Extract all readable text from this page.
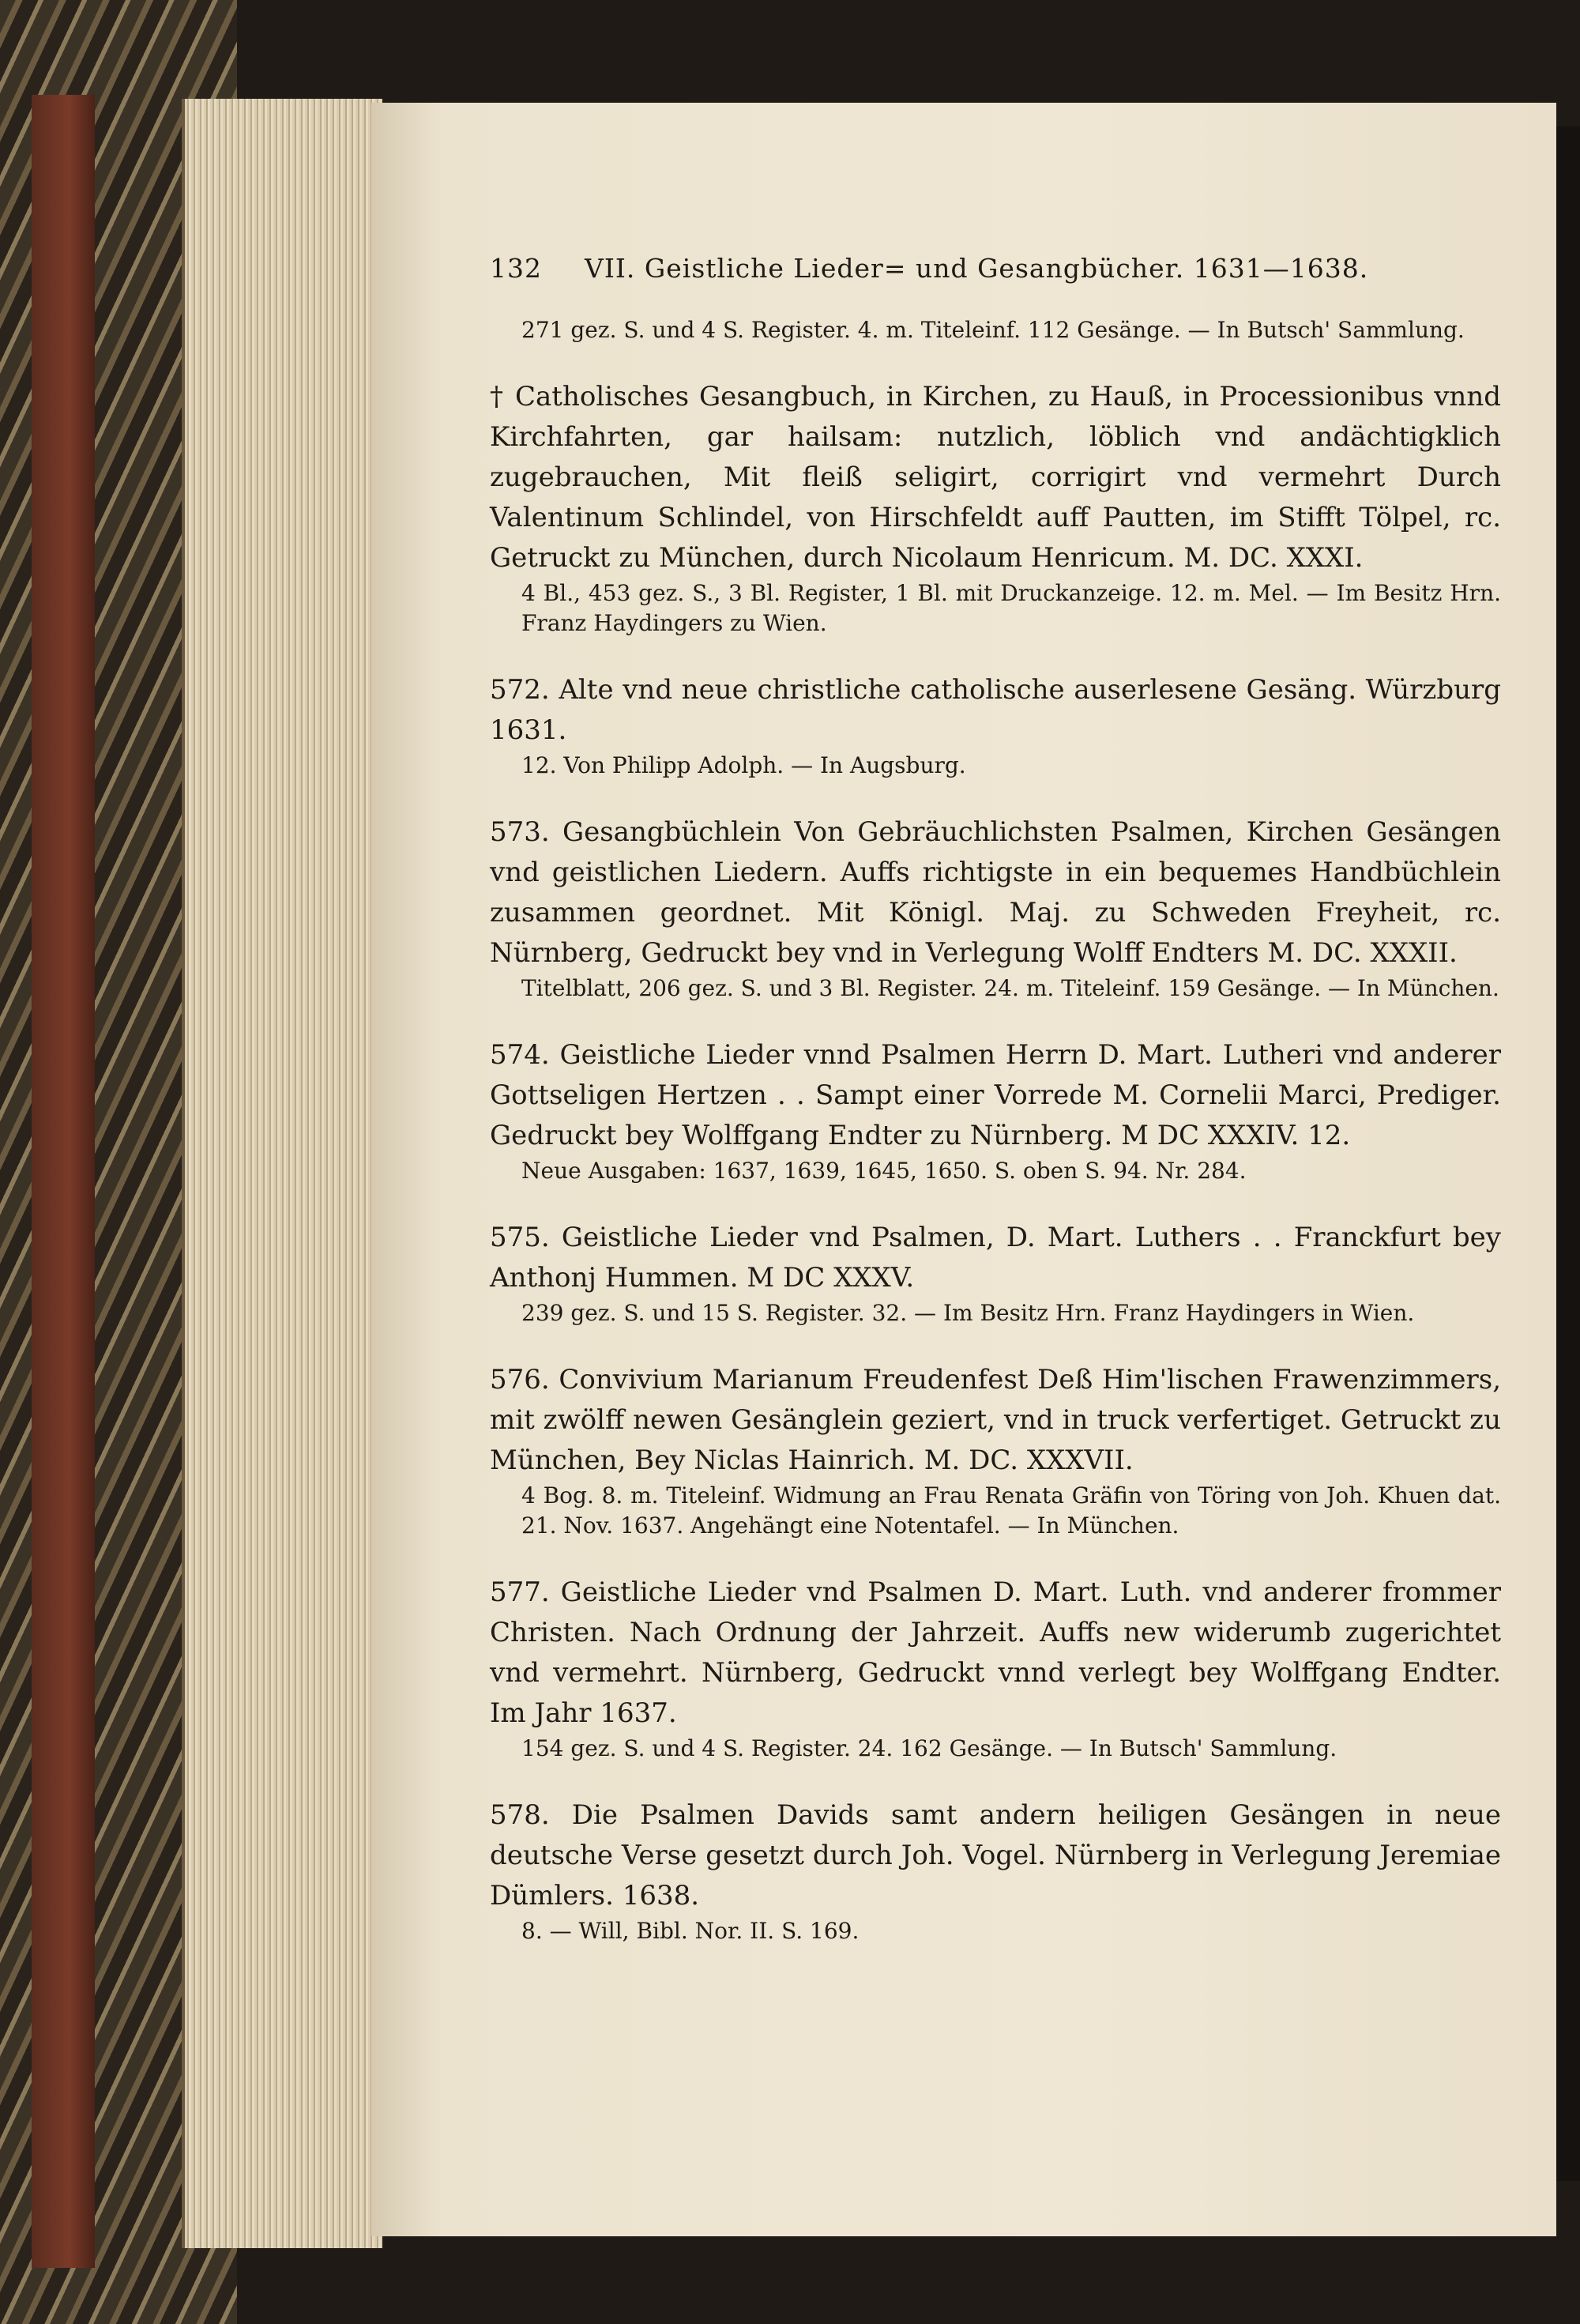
132	VII. Geistliche Lieder= und Gesangbücher. 1631—1638.

271 gez. S. und 4 S. Register. 4. m. Titeleinf. 112 Gesänge. — In Butsch' Sammlung.

† Catholisches Gesangbuch, in Kirchen, zu Hauß, in Processionibus vnnd Kirchfahrten, gar hailsam: nutzlich, löblich vnd andächtigklich zugebrauchen, Mit fleiß seligirt, corrigirt vnd vermehrt Durch Valentinum Schlindel, von Hirschfeldt auff Pautten, im Stifft Tölpel, rc. Getruckt zu München, durch Nicolaum Henricum. M. DC. XXXI.

4 Bl., 453 gez. S., 3 Bl. Register, 1 Bl. mit Druckanzeige. 12. m. Mel. — Im Besitz Hrn. Franz Haydingers zu Wien.

572. Alte vnd neue christliche catholische auserlesene Gesäng. Würzburg 1631.

12. Von Philipp Adolph. — In Augsburg.

573. Gesangbüchlein Von Gebräuchlichsten Psalmen, Kirchen Gesängen vnd geistlichen Liedern. Auffs richtigste in ein bequemes Handbüchlein zusammen geordnet. Mit Königl. Maj. zu Schweden Freyheit, rc. Nürnberg, Gedruckt bey vnd in Verlegung Wolff Endters M. DC. XXXII.

Titelblatt, 206 gez. S. und 3 Bl. Register. 24. m. Titeleinf. 159 Gesänge. — In München.

574. Geistliche Lieder vnnd Psalmen Herrn D. Mart. Lutheri vnd anderer Gottseligen Hertzen . . Sampt einer Vorrede M. Cornelii Marci, Prediger. Gedruckt bey Wolffgang Endter zu Nürnberg. M DC XXXIV. 12.

Neue Ausgaben: 1637, 1639, 1645, 1650. S. oben S. 94. Nr. 284.

575. Geistliche Lieder vnd Psalmen, D. Mart. Luthers . . Franckfurt bey Anthonj Hummen. M DC XXXV.

239 gez. S. und 15 S. Register. 32. — Im Besitz Hrn. Franz Haydingers in Wien.

576. Convivium Marianum Freudenfest Deß Him'lischen Frawenzimmers, mit zwölff newen Gesänglein geziert, vnd in truck verfertiget. Getruckt zu München, Bey Niclas Hainrich. M. DC. XXXVII.

4 Bog. 8. m. Titeleinf. Widmung an Frau Renata Gräfin von Töring von Joh. Khuen dat. 21. Nov. 1637. Angehängt eine Notentafel. — In München.

577. Geistliche Lieder vnd Psalmen D. Mart. Luth. vnd anderer frommer Christen. Nach Ordnung der Jahrzeit. Auffs new widerumb zugerichtet vnd vermehrt. Nürnberg, Gedruckt vnnd verlegt bey Wolffgang Endter. Im Jahr 1637.

154 gez. S. und 4 S. Register. 24. 162 Gesänge. — In Butsch' Sammlung.

578. Die Psalmen Davids samt andern heiligen Gesängen in neue deutsche Verse gesetzt durch Joh. Vogel. Nürnberg in Verlegung Jeremiae Dümlers. 1638.

8. — Will, Bibl. Nor. II. S. 169.
